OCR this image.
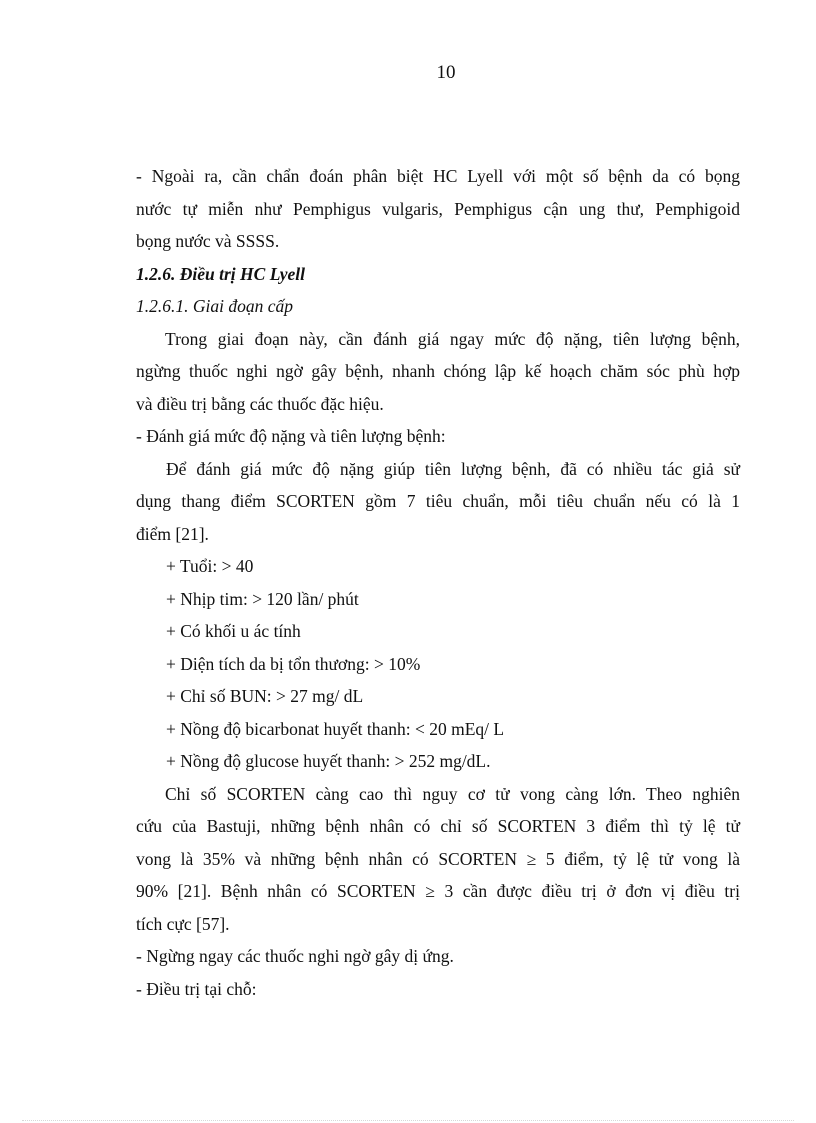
10
- Ngoài ra, cần chẩn đoán phân biệt HC Lyell với một số bệnh da có bọng
nước tự miễn như Pemphigus vulgaris, Pemphigus cận ung thư, Pemphigoid
bọng nước và SSSS.
1.2.6. Điều trị HC Lyell
1.2.6.1. Giai đoạn cấp
Trong giai đoạn này, cần đánh giá ngay mức độ nặng, tiên lượng bệnh,
ngừng thuốc nghi ngờ gây bệnh, nhanh chóng lập kế hoạch chăm sóc phù hợp
và điều trị bằng các thuốc đặc hiệu.
- Đánh giá mức độ nặng và tiên lượng bệnh:
Để đánh giá mức độ nặng giúp tiên lượng bệnh, đã có nhiều tác giả sử
dụng thang điểm SCORTEN gồm 7 tiêu chuẩn, mỗi tiêu chuẩn nếu có là 1
điểm [21].
+ Tuổi: > 40
+ Nhịp tim: > 120 lần/ phút
+ Có khối u ác tính
+ Diện tích da bị tổn thương: > 10%
+ Chỉ số BUN: > 27 mg/ dL
+ Nồng độ bicarbonat huyết thanh: < 20 mEq/ L
+ Nồng độ glucose huyết thanh: > 252 mg/dL.
Chỉ số SCORTEN càng cao thì nguy cơ tử vong càng lớn. Theo nghiên
cứu của Bastuji, những bệnh nhân có chỉ số SCORTEN 3 điểm thì tỷ lệ tử
vong là 35% và những bệnh nhân có SCORTEN ≥ 5 điểm, tỷ lệ tử vong là
90% [21]. Bệnh nhân có SCORTEN ≥ 3 cần được điều trị ở đơn vị điều trị
tích cực [57].
- Ngừng ngay các thuốc nghi ngờ gây dị ứng.
- Điều trị tại chỗ:
